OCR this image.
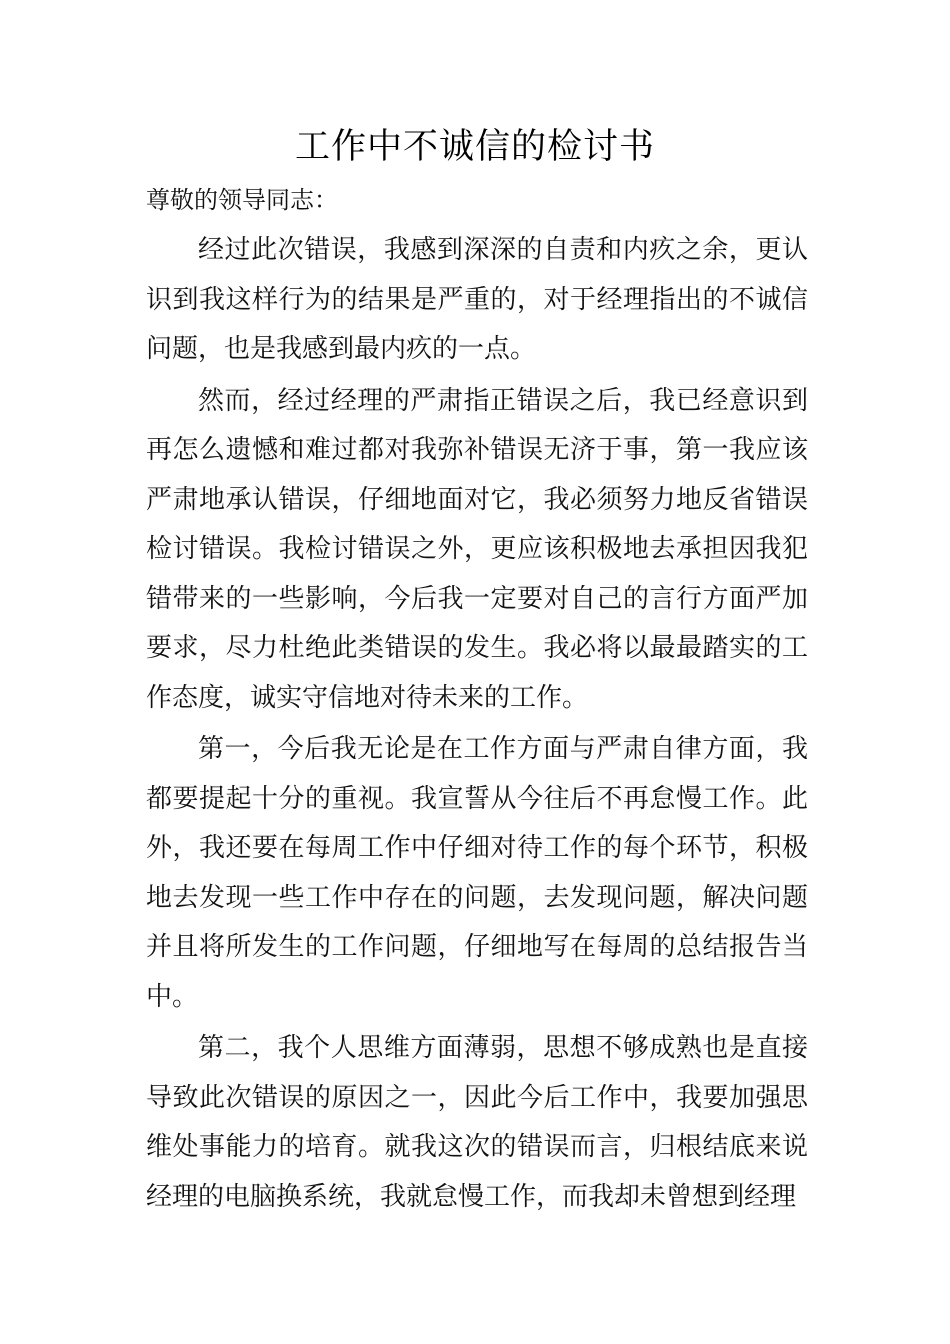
工作中不诚信的检讨书

尊敬的领导同志：

经过此次错误，我感到深深的自责和内疚之余，更认识到我这样行为的结果是严重的，对于经理指出的不诚信问题，也是我感到最内疚的一点。

然而，经过经理的严肃指正错误之后，我已经意识到再怎么遗憾和难过都对我弥补错误无济于事，第一我应该严肃地承认错误，仔细地面对它，我必须努力地反省错误检讨错误。我检讨错误之外，更应该积极地去承担因我犯错带来的一些影响，今后我一定要对自己的言行方面严加要求，尽力杜绝此类错误的发生。我必将以最最踏实的工作态度，诚实守信地对待未来的工作。

第一，今后我无论是在工作方面与严肃自律方面，我都要提起十分的重视。我宣誓从今往后不再怠慢工作。此外，我还要在每周工作中仔细对待工作的每个环节，积极地去发现一些工作中存在的问题，去发现问题，解决问题并且将所发生的工作问题，仔细地写在每周的总结报告当中。

第二，我个人思维方面薄弱，思想不够成熟也是直接导致此次错误的原因之一，因此今后工作中，我要加强思维处事能力的培育。就我这次的错误而言，归根结底来说经理的电脑换系统，我就怠慢工作，而我却未曾想到经理
